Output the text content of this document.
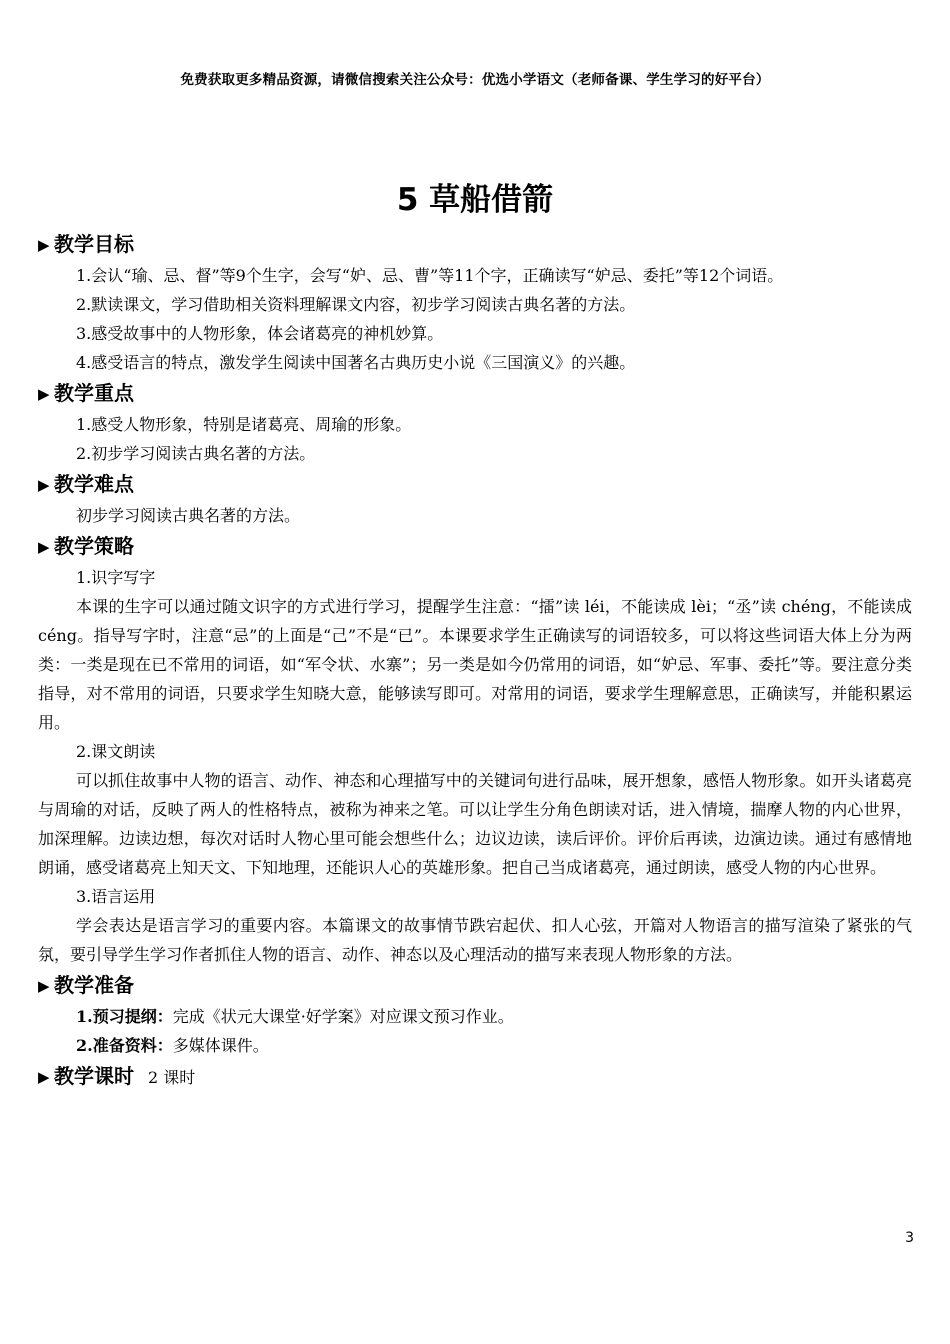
免费获取更多精品资源，请微信搜索关注公众号：优选小学语文（老师备课、学生学习的好平台）
5 草船借箭
▶ 教学目标

1.会认“瑜、忌、督”等9个生字，会写“妒、忌、曹”等11个字，正确读写“妒忌、委托”等12个词语。

2.默读课文，学习借助相关资料理解课文内容，初步学习阅读古典名著的方法。

3.感受故事中的人物形象，体会诸葛亮的神机妙算。

4.感受语言的特点，激发学生阅读中国著名古典历史小说《三国演义》的兴趣。

▶ 教学重点

1.感受人物形象，特别是诸葛亮、周瑜的形象。

2.初步学习阅读古典名著的方法。

▶ 教学难点

初步学习阅读古典名著的方法。

▶ 教学策略

1.识字写字

本课的生字可以通过随文识字的方式进行学习，提醒学生注意：“擂”读 léi，不能读成 lèi；“丞”读 chéng，不能读成 céng。指导写字时，注意“忌”的上面是“己”不是“已”。本课要求学生正确读写的词语较多，可以将这些词语大体上分为两类：一类是现在已不常用的词语，如“军令状、水寨”；另一类是如今仍常用的词语，如“妒忌、军事、委托”等。要注意分类指导，对不常用的词语，只要求学生知晓大意，能够读写即可。对常用的词语，要求学生理解意思，正确读写，并能积累运用。

2.课文朗读

可以抓住故事中人物的语言、动作、神态和心理描写中的关键词句进行品味，展开想象，感悟人物形象。如开头诸葛亮与周瑜的对话，反映了两人的性格特点，被称为神来之笔。可以让学生分角色朗读对话，进入情境，揣摩人物的内心世界，加深理解。边读边想，每次对话时人物心里可能会想些什么；边议边读，读后评价。评价后再读，边演边读。通过有感情地朗诵，感受诸葛亮上知天文、下知地理，还能识人心的英雄形象。把自己当成诸葛亮，通过朗读，感受人物的内心世界。

3.语言运用

学会表达是语言学习的重要内容。本篇课文的故事情节跌宕起伏、扣人心弦，开篇对人物语言的描写渲染了紧张的气氛，要引导学生学习作者抓住人物的语言、动作、神态以及心理活动的描写来表现人物形象的方法。

▶ 教学准备

1.预习提纲：完成《状元大课堂·好学案》对应课文预习作业。

2.准备资料：多媒体课件。

▶ 教学课时 2 课时
3
